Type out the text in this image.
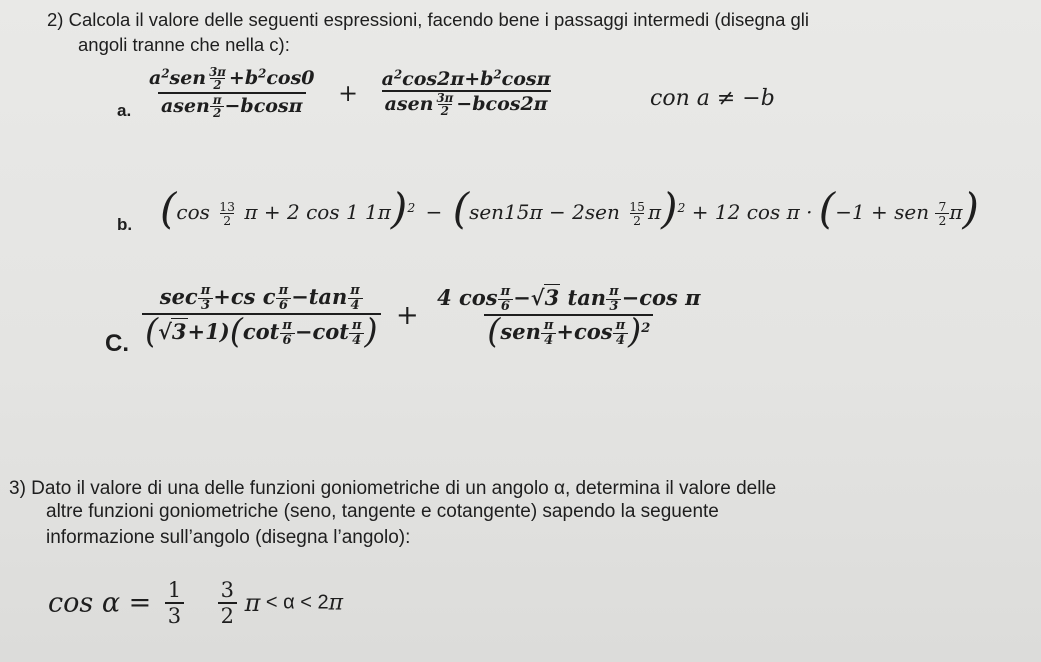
2) Calcola il valore delle seguenti espressioni, facendo bene i passaggi intermedi (disegna gli
angoli tranne che nella c):
a. $\frac{a^2sen \frac{3\pi}{2} +b^2\cos 0}{asen \frac{\pi}{2} -bcos\pi} + \frac{a^2\cos 2\pi+b^2\cos\pi}{asen \frac{3\pi}{2} -bcos2\pi}$	con a ≠ −b
b. ($\cos \frac{13}{2}$ π + 2 cos 1 $1\pi)^2 - (sen15\pi - 2sen \frac{15}{2} \pi)^2 + 12$ cos π · (−1 + sen $\frac{7}{2} \pi$)
C. $\frac{\sec \frac{\pi}{3} +cs c \frac{\pi}{6} -\tan \frac{\pi}{4}}{(√3+1)(\cot \frac{\pi}{6} -\cot \frac{\pi}{4} )} + \frac{4 \cos \frac{\pi}{6} -√3 \tan \frac{\pi}{3} -\cos \pi}{(sen \frac{\pi}{4} +\cos \frac{\pi}{4} )^2}$
3) Dato il valore di una delle funzioni goniometriche di un angolo α, determina il valore delle
altre funzioni goniometriche (seno, tangente e cotangente) sapendo la seguente
informazione sull’angolo (disegna l’angolo):
$\cos \alpha = \frac{1}{3}$
$\frac{3}{2}$ π < α < 2π
